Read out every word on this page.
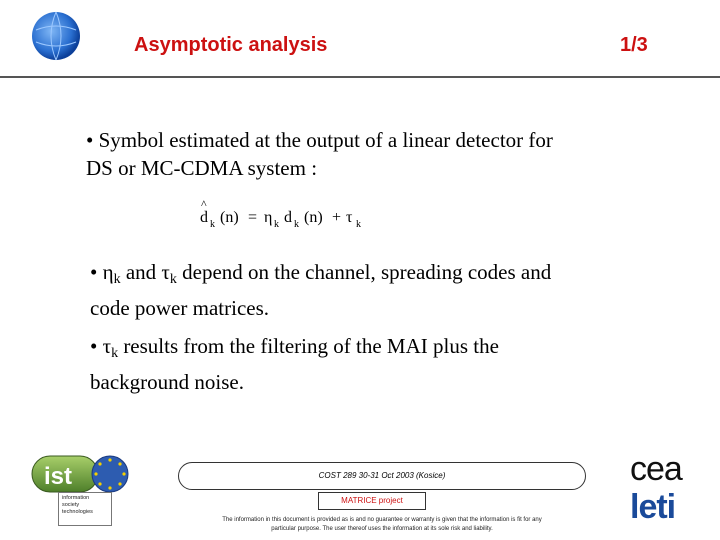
Asymptotic analysis	1/3
• Symbol estimated at the output of a linear detector for
DS or MC-CDMA system :
^
d k (n) = η k d k (n) + τ k
• $\eta_k$ and $\tau_k$ depend on the channel, spreading codes and
code power matrices.
• $\tau_k$ results from the filtering of the MAI plus the
background noise.
ist
information
society
technologies
COST 289 30-31 Oct 2003 (Kosice)
MATRICE project
The information in this document is provided as is and no guarantee or warranty is given that the information is fit for any
particular purpose. The user thereof uses the information at its sole risk and liability.
cea
leti
